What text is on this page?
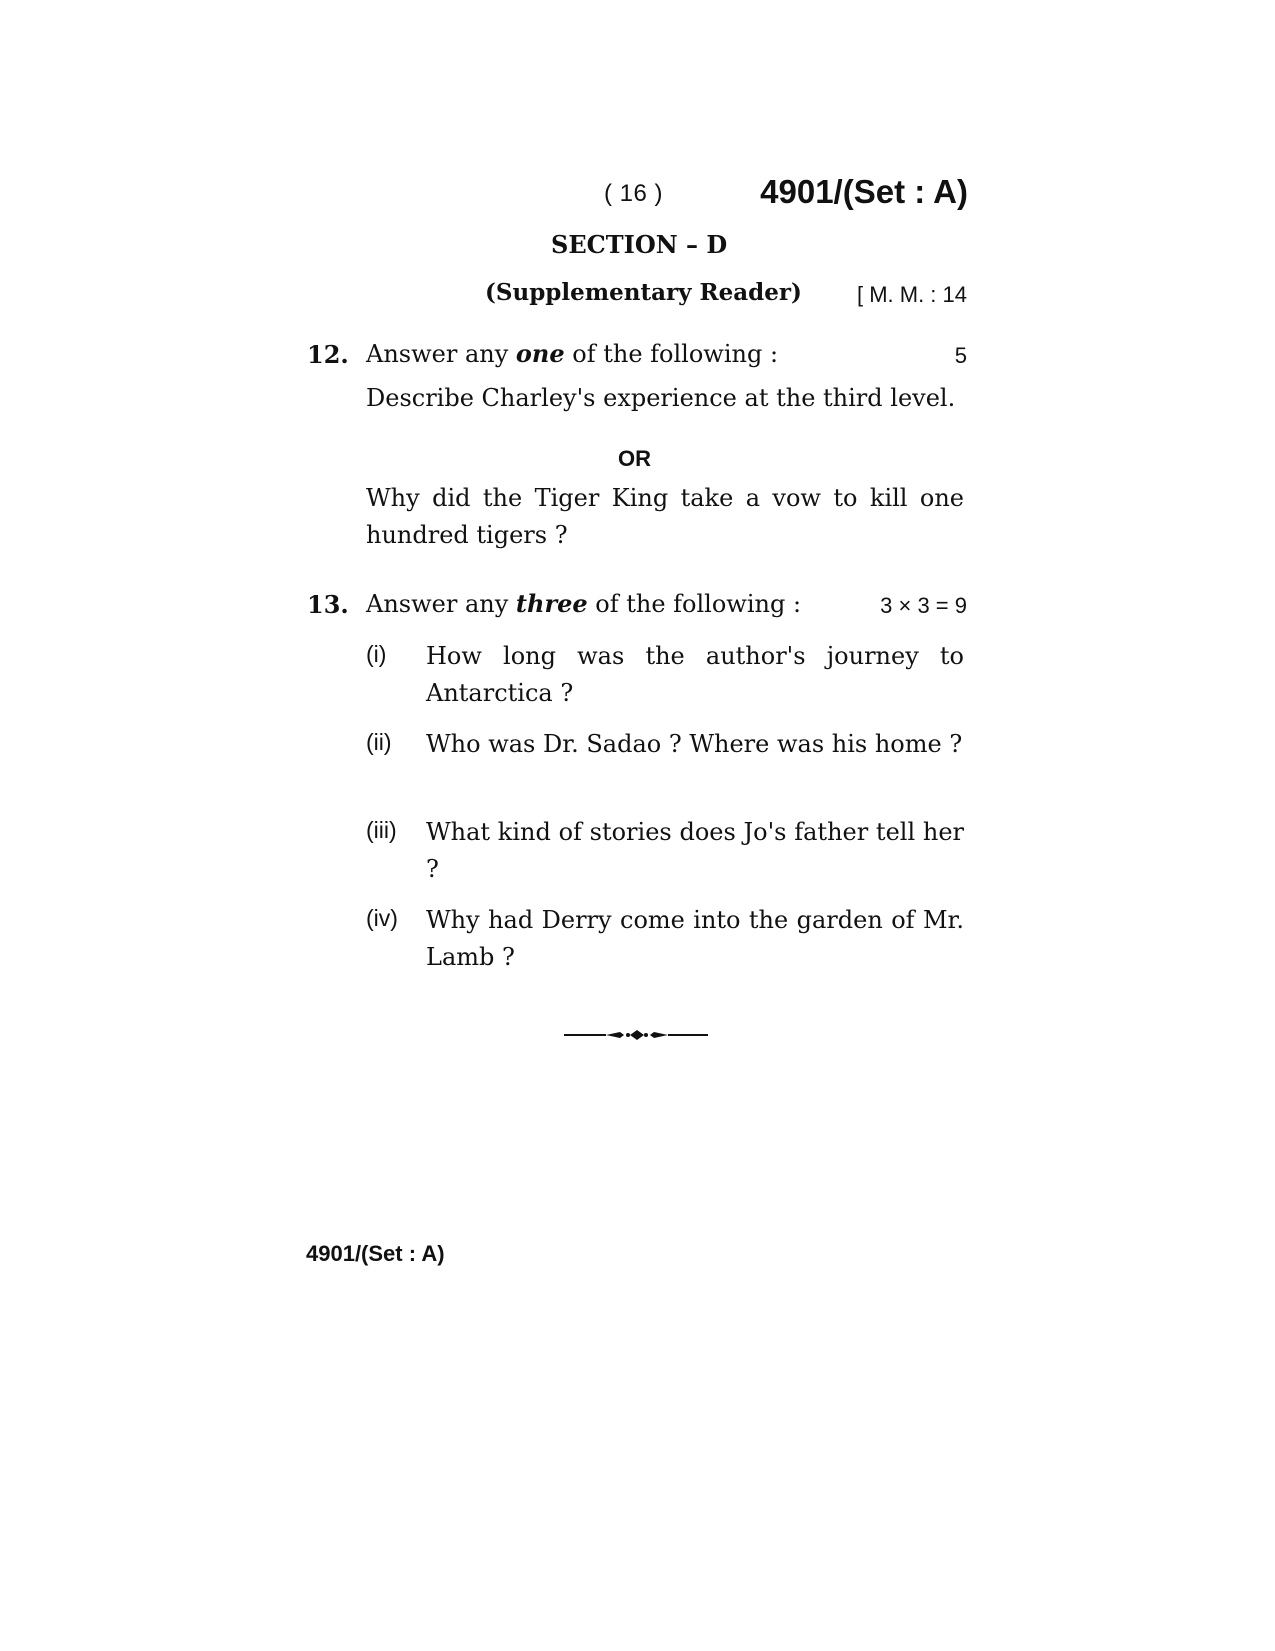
( 16 )	4901/(Set : A)
SECTION – D
(Supplementary Reader)	[ M. M. : 14
12. Answer any one of the following :	5
Describe Charley's experience at the third level.
OR
Why did the Tiger King take a vow to kill one hundred tigers ?
13. Answer any three of the following :	3 × 3 = 9
(i) How long was the author's journey to Antarctica ?
(ii) Who was Dr. Sadao ? Where was his home ?
(iii) What kind of stories does Jo's father tell her ?
(iv) Why had Derry come into the garden of Mr. Lamb ?
4901/(Set : A)
